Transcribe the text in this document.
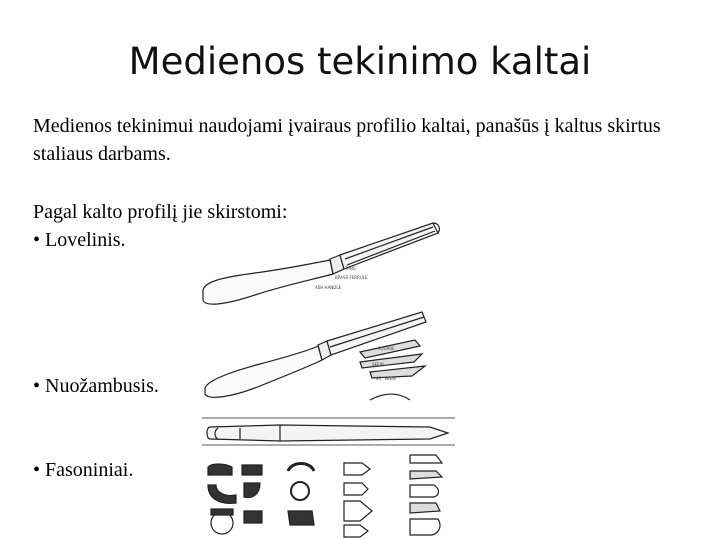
Medienos tekinimo kaltai
Medienos tekinimui naudojami įvairaus profilio kaltai, panašūs į kaltus skirtus staliaus darbams.
Pagal kalto profilį jie skirstomi:
• Lovelinis.
• Nuožambusis.
• Fasoniniai.
TANG
BRASS FERRULE
ASH HANDLE
SQUARE
SKEW
45° SKEW
